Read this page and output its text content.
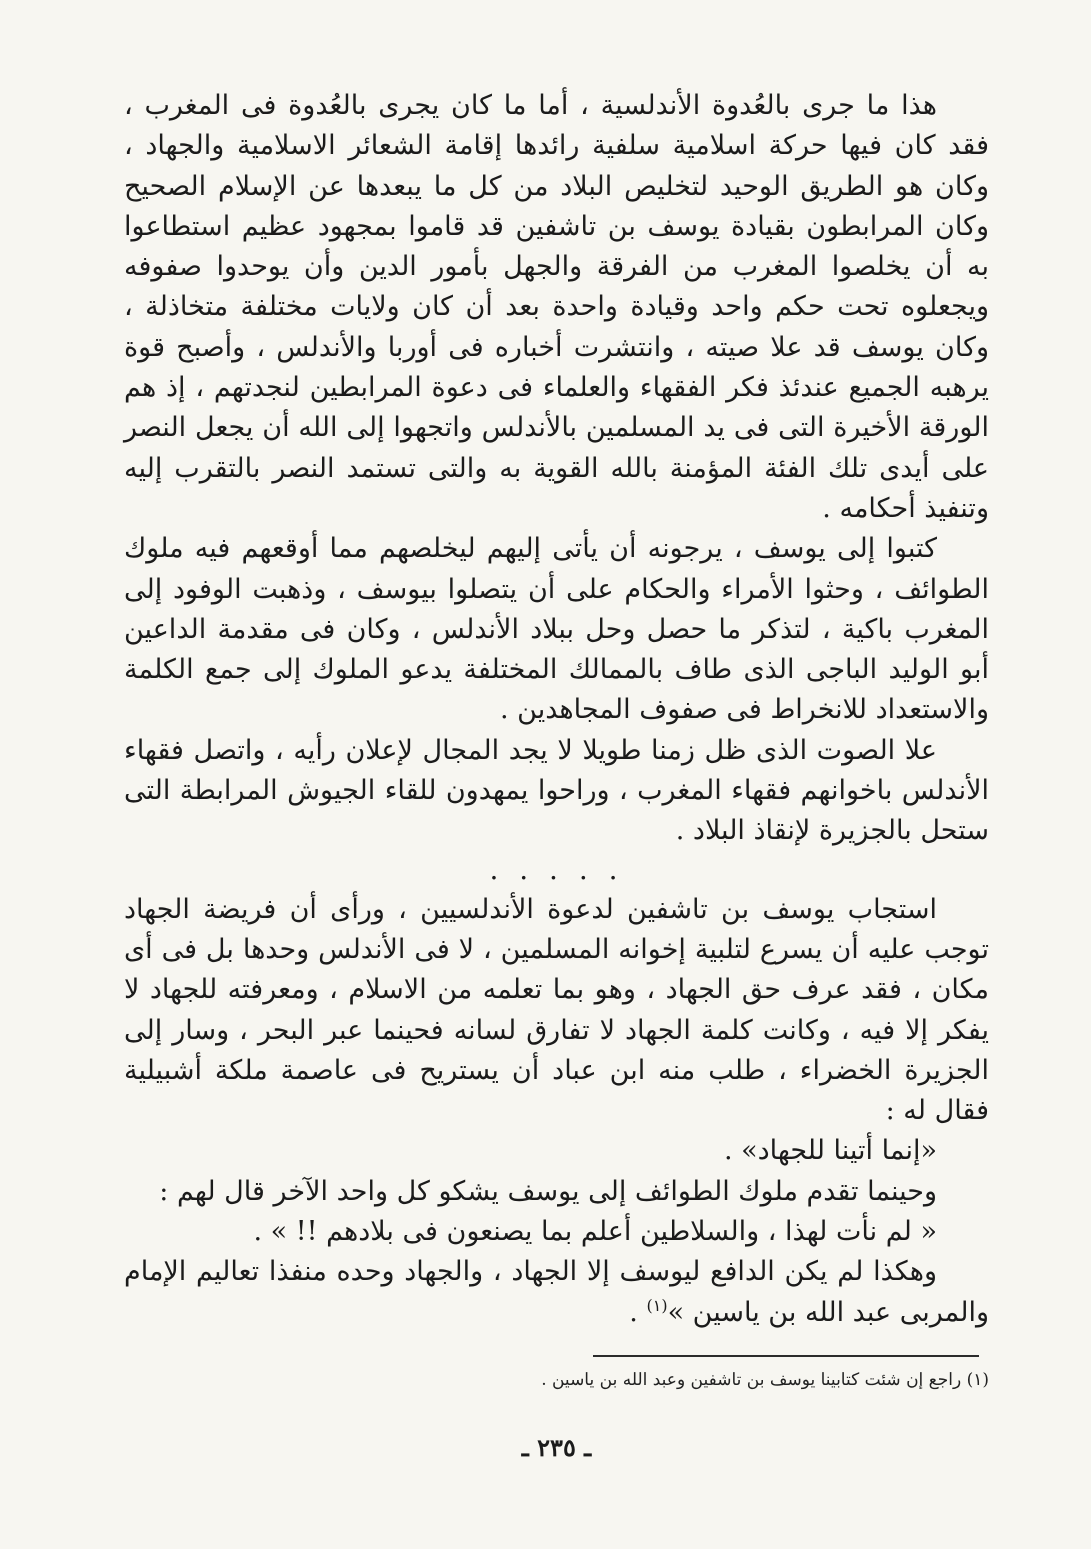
هذا ما جرى بالعُدوة الأندلسية ، أما ما كان يجرى بالعُدوة فى المغرب ، فقد كان فيها حركة اسلامية سلفية رائدها إقامة الشعائر الاسلامية والجهاد ، وكان هو الطريق الوحيد لتخليص البلاد من كل ما يبعدها عن الإسلام الصحيح وكان المرابطون بقيادة يوسف بن تاشفين قد قاموا بمجهود عظيم استطاعوا به أن يخلصوا المغرب من الفرقة والجهل بأمور الدين وأن يوحدوا صفوفه ويجعلوه تحت حكم واحد وقيادة واحدة بعد أن كان ولايات مختلفة متخاذلة ، وكان يوسف قد علا صيته ، وانتشرت أخباره فى أوربا والأندلس ، وأصبح قوة يرهبه الجميع عندئذ فكر الفقهاء والعلماء فى دعوة المرابطين لنجدتهم ، إذ هم الورقة الأخيرة التى فى يد المسلمين بالأندلس واتجهوا إلى الله أن يجعل النصر على أيدى تلك الفئة المؤمنة بالله القوية به والتى تستمد النصر بالتقرب إليه وتنفيذ أحكامه .

كتبوا إلى يوسف ، يرجونه أن يأتى إليهم ليخلصهم مما أوقعهم فيه ملوك الطوائف ، وحثوا الأمراء والحكام على أن يتصلوا بيوسف ، وذهبت الوفود إلى المغرب باكية ، لتذكر ما حصل وحل ببلاد الأندلس ، وكان فى مقدمة الداعين أبو الوليد الباجى الذى طاف بالممالك المختلفة يدعو الملوك إلى جمع الكلمة والاستعداد للانخراط فى صفوف المجاهدين .

علا الصوت الذى ظل زمنا طويلا لا يجد المجال لإعلان رأيه ، واتصل فقهاء الأندلس باخوانهم فقهاء المغرب ، وراحوا يمهدون للقاء الجيوش المرابطة التى ستحل بالجزيرة لإنقاذ البلاد .

. . . . .

استجاب يوسف بن تاشفين لدعوة الأندلسيين ، ورأى أن فريضة الجهاد توجب عليه أن يسرع لتلبية إخوانه المسلمين ، لا فى الأندلس وحدها بل فى أى مكان ، فقد عرف حق الجهاد ، وهو بما تعلمه من الاسلام ، ومعرفته للجهاد لا يفكر إلا فيه ، وكانت كلمة الجهاد لا تفارق لسانه فحينما عبر البحر ، وسار إلى الجزيرة الخضراء ، طلب منه ابن عباد أن يستريح فى عاصمة ملكة أشبيلية فقال له :

«إنما أتينا للجهاد» .

وحينما تقدم ملوك الطوائف إلى يوسف يشكو كل واحد الآخر قال لهم :

« لم نأت لهذا ، والسلاطين أعلم بما يصنعون فى بلادهم !! » .

وهكذا لم يكن الدافع ليوسف إلا الجهاد ، والجهاد وحده منفذا تعاليم الإمام والمربى عبد الله بن ياسين »$^{(١)}$ .

(١) راجع إن شئت كتابينا يوسف بن تاشفين وعبد الله بن ياسين .
ـ ٢٣٥ ـ
